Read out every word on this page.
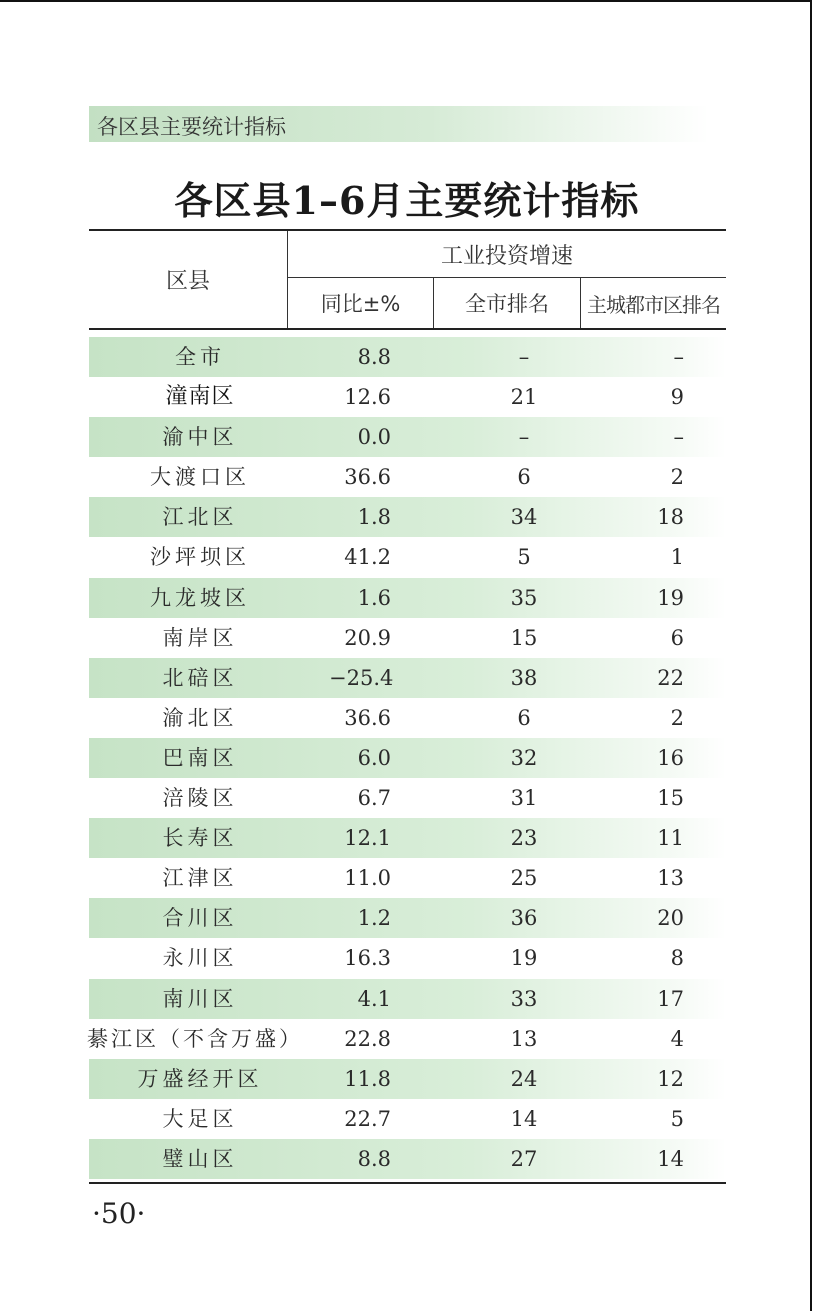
各区县主要统计指标
各区县1–6月主要统计指标
区县
工业投资增速
同比±%	全市排名	主城都市区排名
全市	8.8	–	–
潼南区	12.6	21	9
渝中区	0.0	–	–
大渡口区	36.6	6	2
江北区	1.8	34	18
沙坪坝区	41.2	5	1
九龙坡区	1.6	35	19
南岸区	20.9	15	6
北碚区	−25.4	38	22
渝北区	36.6	6	2
巴南区	6.0	32	16
涪陵区	6.7	31	15
长寿区	12.1	23	11
江津区	11.0	25	13
合川区	1.2	36	20
永川区	16.3	19	8
南川区	4.1	33	17
綦江区（不含万盛）	22.8	13	4
万盛经开区	11.8	24	12
大足区	22.7	14	5
璧山区	8.8	27	14
·50·
